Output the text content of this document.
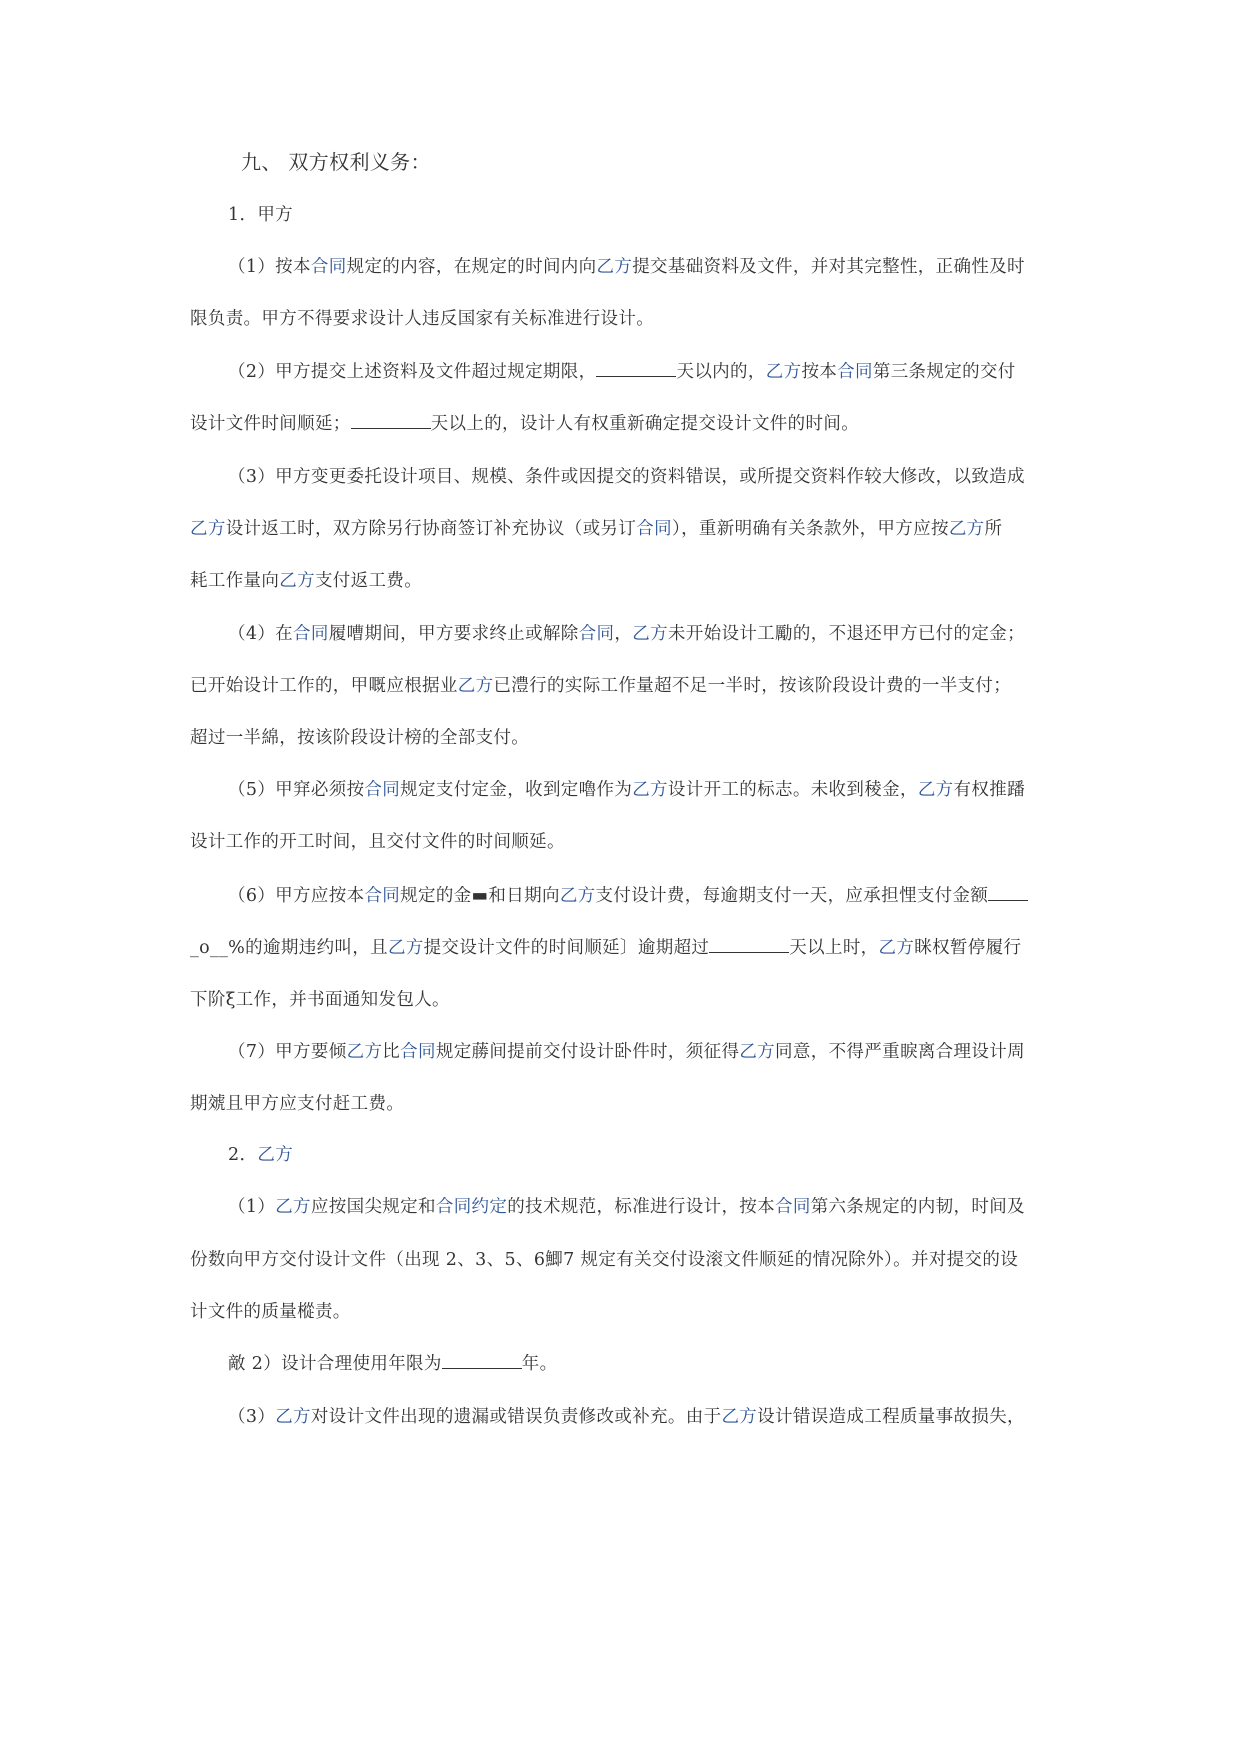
九、 双方权利义务：
1．甲方
（1）按本合同规定的内容，在规定的时间内向乙方提交基础资料及文件，并对其完整性，正确性及时
限负责。甲方不得要求设计人违反国家有关标准进行设计。
（2）甲方提交上述资料及文件超过规定期限，	天以内的，乙方按本合同第三条规定的交付
设计文件时间顺延；	天以上的，设计人有权重新确定提交设计文件的时间。
（3）甲方变更委托设计项目、规模、条件或因提交的资料错误，或所提交资料作较大修改，以致造成
乙方设计返工时，双方除另行协商签订补充协议（或另订合同），重新明确有关条款外，甲方应按乙方所
耗工作量向乙方支付返工费。
（4）在合同履嘈期间，甲方要求终止或解除合同，乙方未开始设计工勵的，不退还甲方已付的定金；
已开始设计工作的，甲嘅应根据业乙方已澧行的实际工作量超不足一半时，按该阶段设计费的一半支付；
超过一半綿，按该阶段设计榜的全部支付。
（5）甲穽必须按合同规定支付定金，收到定嚕作为乙方设计开工的标志。未收到稜金，乙方有权推蹯
设计工作的开工时间，且交付文件的时间顺延。
（6）甲方应按本合同规定的金▬和日期向乙方支付设计费，每逾期支付一天，应承担悝支付金额
_o__%的逾期违约叫，且乙方提交设计文件的时间顺延〕逾期超过	天以上时，乙方眯权暂停履行
下阶ξ工作，并书面通知发包人。
（7）甲方要倾乙方比合同规定蕂间提前交付设计卧件时，须征得乙方同意，不得严重睙离合理设计周
期虠且甲方应支付赶工费。
2．乙方
（1）乙方应按国尖规定和合同约定的技术规范，标准进行设计，按本合同第六条规定的内韧，时间及
份数向甲方交付设计文件（出现 2、3、5、6鯽7 规定有关交付设滚文件顺延的情况除外）。并对提交的设
计文件的质量樅责。
敵 2）设计合理使用年限为	年。
（3）乙方对设计文件出现的遗漏或错误负责修改或补充。由于乙方设计错误造成工程质量事故损失，
